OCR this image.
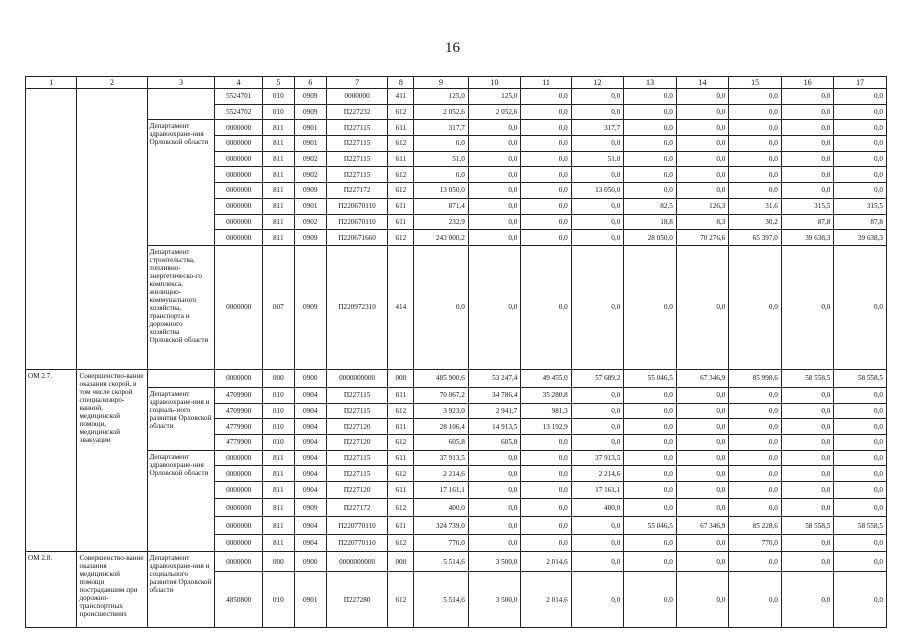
16
1	2	3	4	5	6	7	8	9	10	11	12	13	14	15	16	17
			5524701	010	0909	0000000	411	125,0	125,0	0,0	0,0	0,0	0,0	0,0	0,0	0,0
			5524702	010	0909	П227232	612	2 052,6	2 052,6	0,0	0,0	0,0	0,0	0,0	0,0	0,0
		Департамент здравоохране-ния Орловской области	0000000	811	0901	П227115	611	317,7	0,0	0,0	317,7	0,0	0,0	0,0	0,0	0,0
			0000000	811	0901	П227115	612	0,0	0,0	0,0	0,0	0,0	0,0	0,0	0,0	0,0
			0000000	811	0902	П227115	611	51,0	0,0	0,0	51,0	0,0	0,0	0,0	0,0	0,0
			0000000	811	0902	П227115	612	0,0	0,0	0,0	0,0	0,0	0,0	0,0	0,0	0,0
			0000000	811	0909	П227172	612	13 050,0	0,0	0,0	13 050,0	0,0	0,0	0,0	0,0	0,0
			0000000	811	0901	П220670110	611	871,4	0,0	0,0	0,0	82,5	126,3	31,6	315,5	315,5
			0000000	811	0902	П220670110	611	232,9	0,0	0,0	0,0	18,8	8,3	30,2	87,8	87,8
			0000000	811	0909	П220671660	612	243 000,2	0,0	0,0	0,0	28 050,0	70 276,6	65 397,0	39 638,3	39 638,3
		Департамент строительства, топливно-энергетическо-го комплекса, жилищно-коммунального хозяйства, транспорта и дорожного хозяйства Орловской области	0000000	007	0909	П220972310	414	0,0	0,0	0,0	0,0	0,0	0,0	0,0	0,0	0,0
ОМ 2.7.	Совершенство-вание оказания скорой, в том числе скорой специализиро-ванной, медицинской помощи, медицинской эвакуации		0000000	000	0900	0000000000	000	485 900,6	53 247,4	49 455,0	57 689,2	55 046,5	67 346,9	85 998,6	58 558,5	58 558,5
		Департамент здравоохране-ния и социаль-ного развития Орловской области	4709900	010	0904	П227115	611	70 067,2	34 786,4	35 280,8	0,0	0,0	0,0	0,0	0,0	0,0
			4709900	010	0904	П227115	612	3 923,0	2 941,7	981,3	0,0	0,0	0,0	0,0	0,0	0,0
			4779900	010	0904	П227120	611	28 106,4	14 913,5	13 192,9	0,0	0,0	0,0	0,0	0,0	0,0
			4779900	010	0904	П227120	612	605,8	605,8	0,0	0,0	0,0	0,0	0,0	0,0	0,0
		Департамент здравоохране-ния Орловской области	0000000	811	0904	П227115	611	37 913,5	0,0	0,0	37 913,5	0,0	0,0	0,0	0,0	0,0
			0000000	811	0904	П227115	612	2 214,6	0,0	0,0	2 214,6	0,0	0,0	0,0	0,0	0,0
			0000000	811	0904	П227120	611	17 161,1	0,0	0,0	17 161,1	0,0	0,0	0,0	0,0	0,0
			0000000	811	0909	П227172	612	400,0	0,0	0,0	400,0	0,0	0,0	0,0	0,0	0,0
			0000000	811	0904	П220770110	611	324 739,0	0,0	0,0	0,0	55 046,5	67 346,9	85 228,6	58 558,5	58 558,5
			0000000	811	0904	П220770110	612	770,0	0,0	0,0	0,0	0,0	0,0	770,0	0,0	0,0
ОМ 2.8.	Совершенство-вание оказания медицинской помощи пострадавшим при дорожно-транспортных происшествиях	Департамент здравоохране-ния и социального развития Орловской области	0000000	000	0900	0000000000	000	5 514,6	3 500,0	2 014,6	0,0	0,0	0,0	0,0	0,0	0,0
			4850800	010	0901	П227280	612	5 514,6	3 500,0	2 014,6	0,0	0,0	0,0	0,0	0,0	0,0
